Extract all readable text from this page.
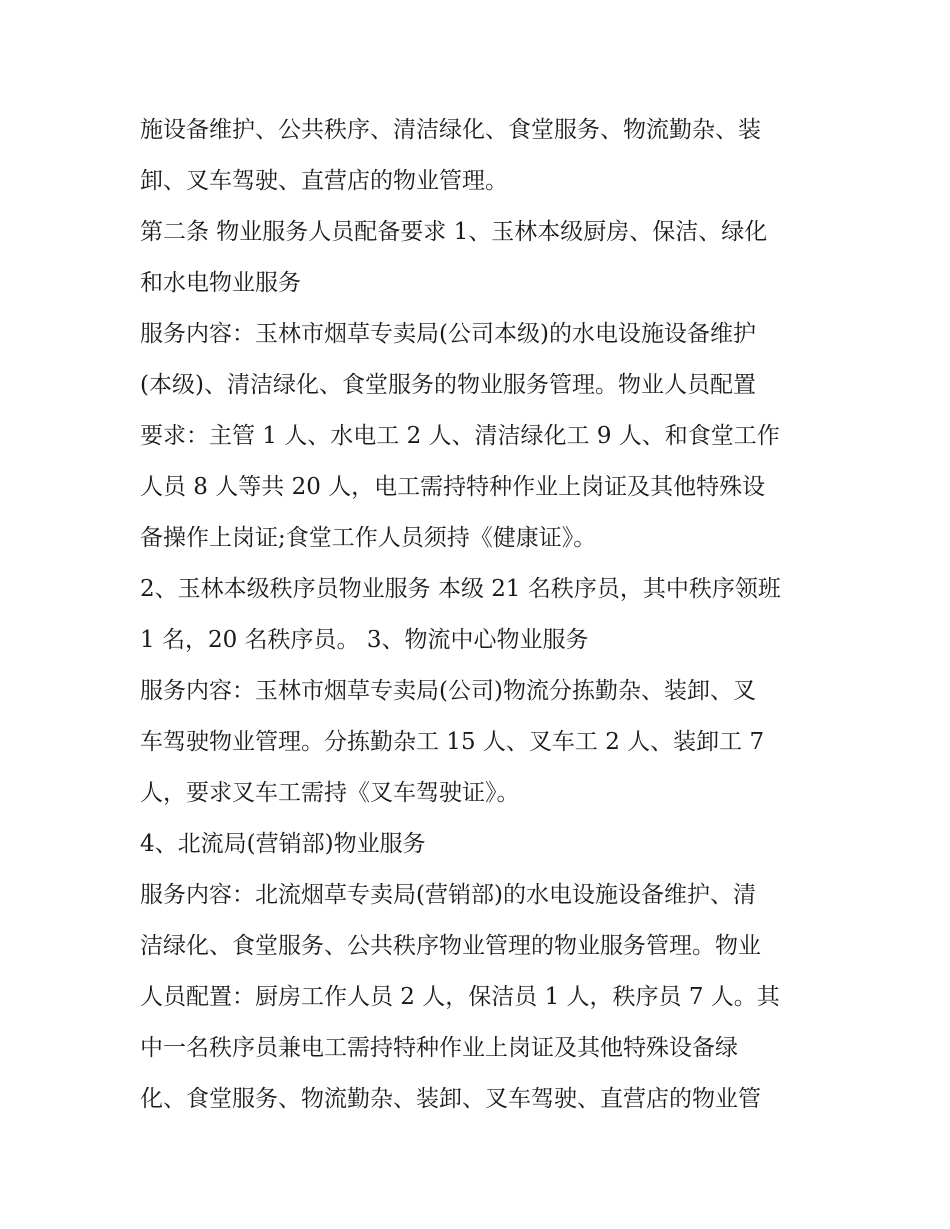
施设备维护、公共秩序、清洁绿化、食堂服务、物流勤杂、装
卸、叉车驾驶、直营店的物业管理。
第二条 物业服务人员配备要求 1、玉林本级厨房、保洁、绿化
和水电物业服务
服务内容：玉林市烟草专卖局(公司本级)的水电设施设备维护
(本级)、清洁绿化、食堂服务的物业服务管理。物业人员配置
要求：主管 1 人、水电工 2 人、清洁绿化工 9 人、和食堂工作
人员 8 人等共 20 人，电工需持特种作业上岗证及其他特殊设
备操作上岗证;食堂工作人员须持《健康证》。
2、玉林本级秩序员物业服务 本级 21 名秩序员，其中秩序领班
1 名，20 名秩序员。 3、物流中心物业服务
服务内容：玉林市烟草专卖局(公司)物流分拣勤杂、装卸、叉
车驾驶物业管理。分拣勤杂工 15 人、叉车工 2 人、装卸工 7
人，要求叉车工需持《叉车驾驶证》。
4、北流局(营销部)物业服务
服务内容：北流烟草专卖局(营销部)的水电设施设备维护、清
洁绿化、食堂服务、公共秩序物业管理的物业服务管理。物业
人员配置：厨房工作人员 2 人，保洁员 1 人，秩序员 7 人。其
中一名秩序员兼电工需持特种作业上岗证及其他特殊设备绿
化、食堂服务、物流勤杂、装卸、叉车驾驶、直营店的物业管
